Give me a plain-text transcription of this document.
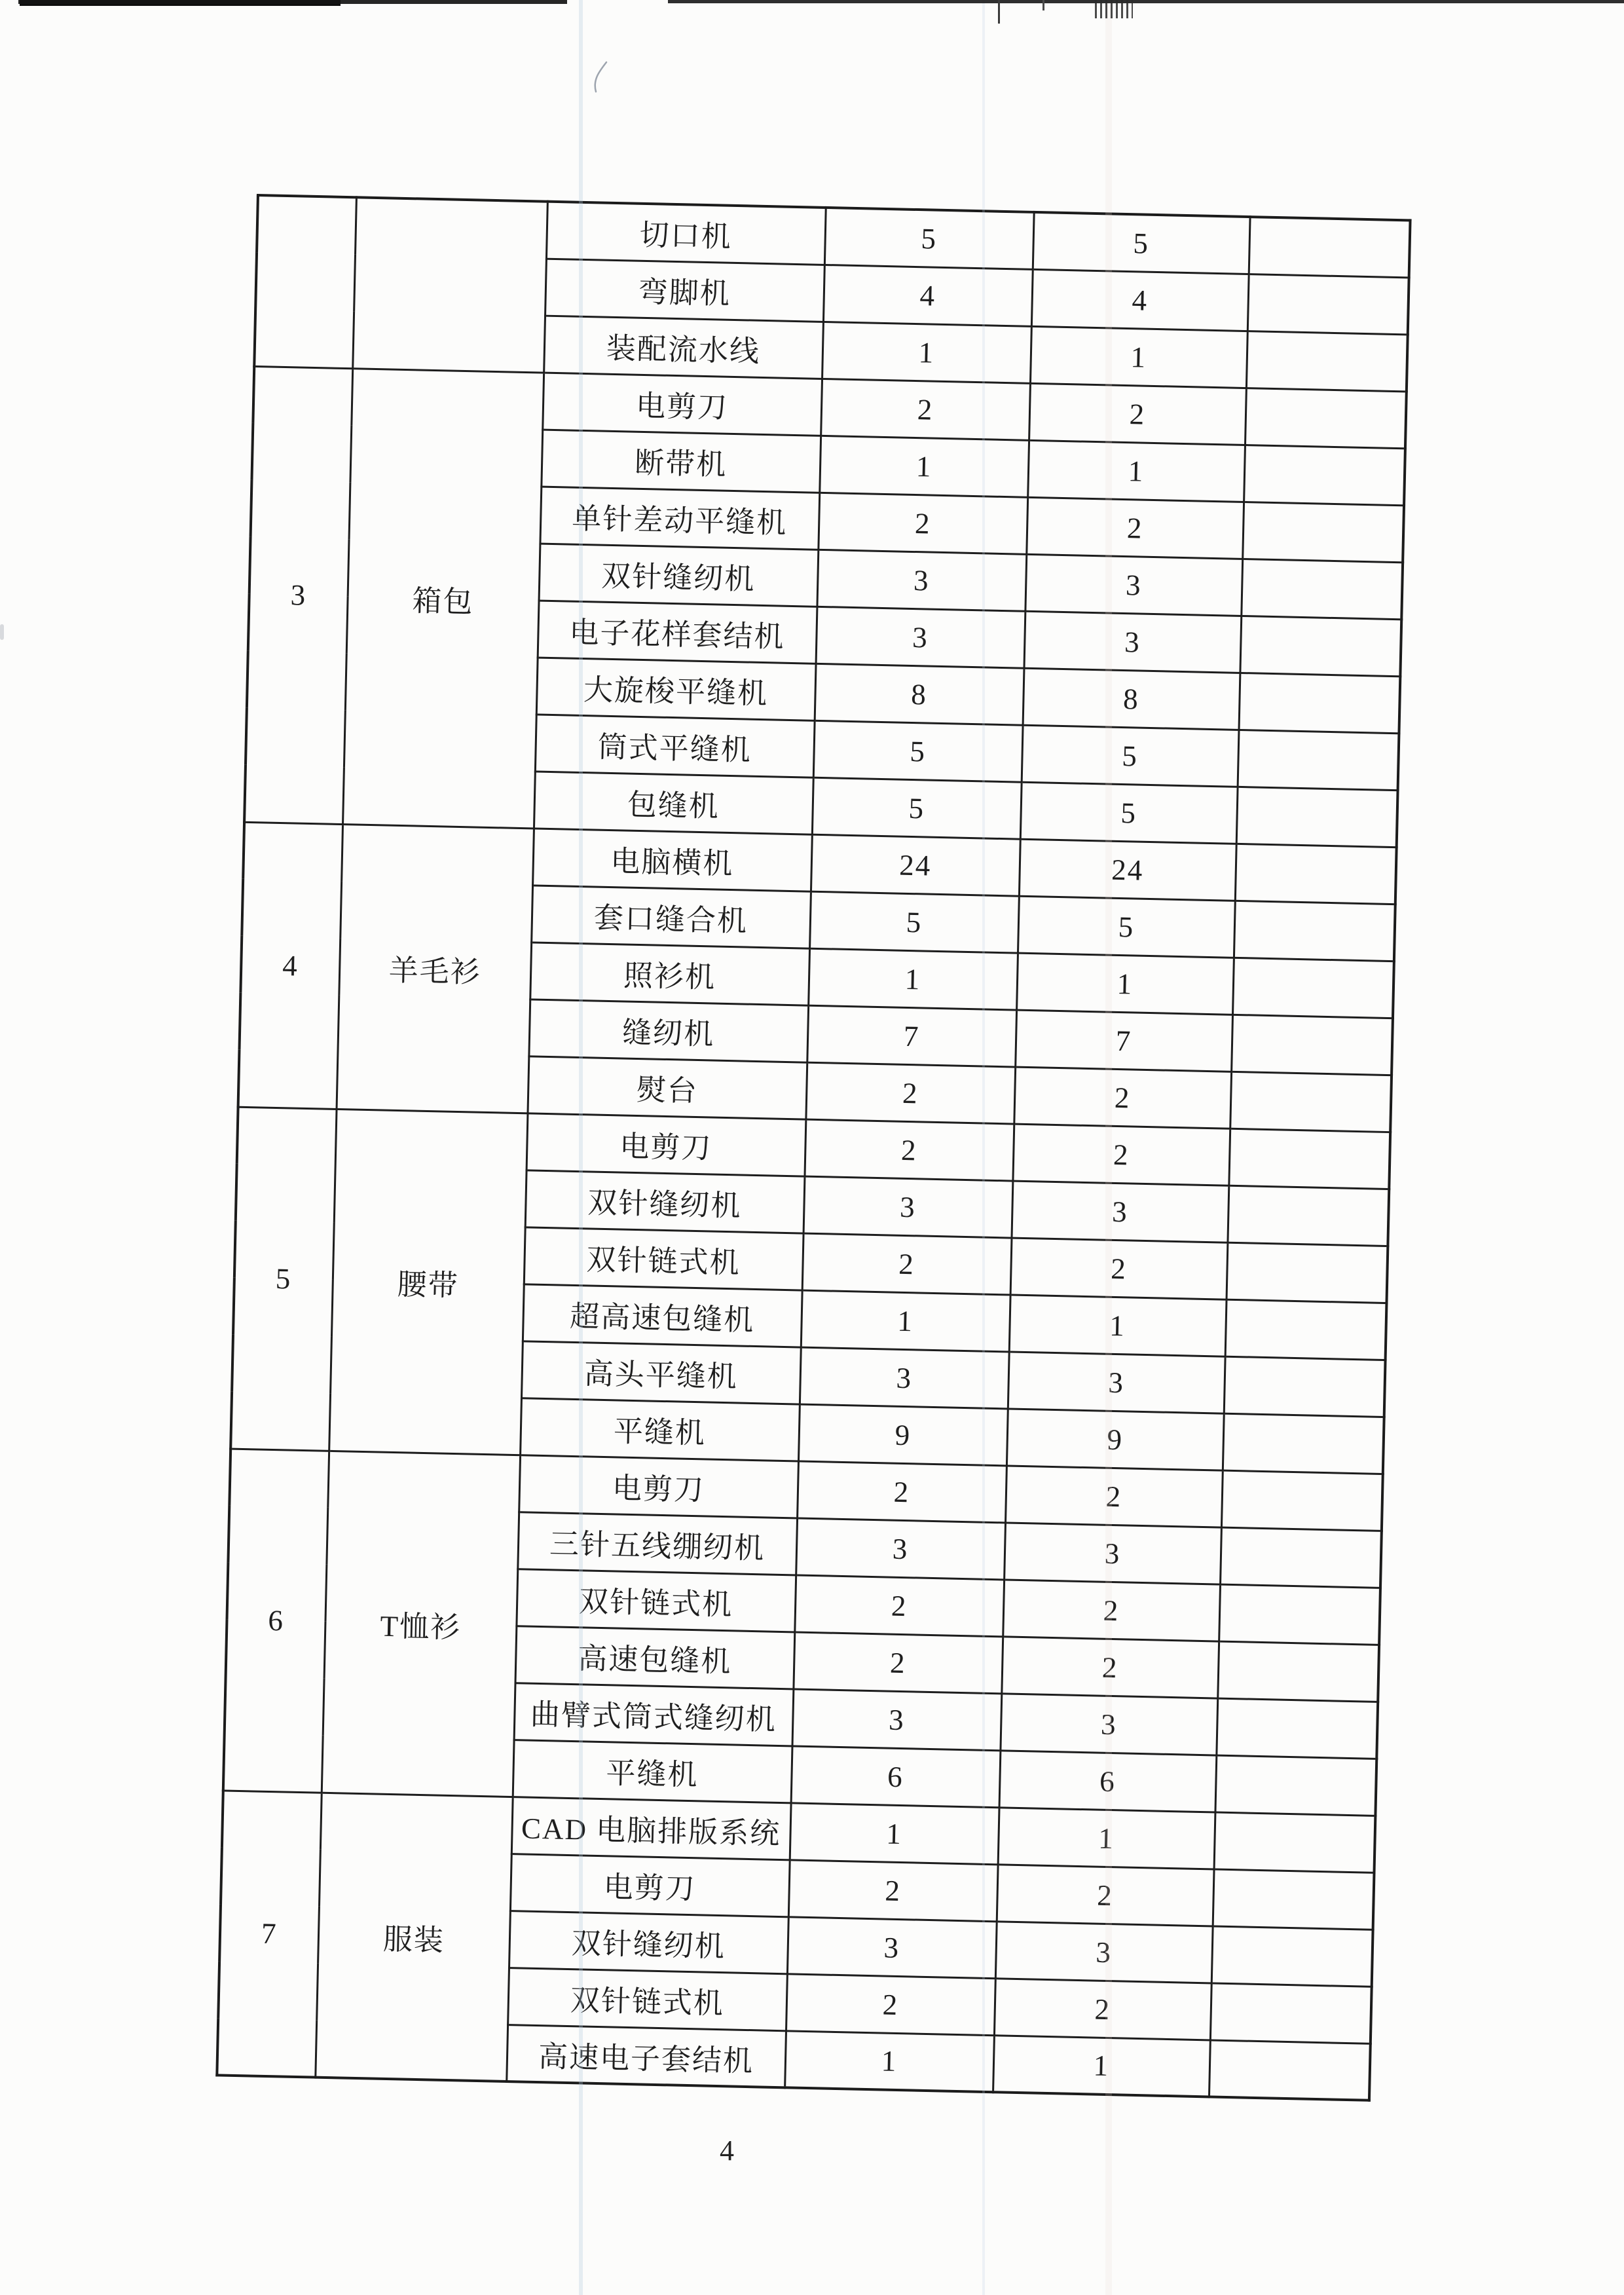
		切口机	5	5	
		弯脚机	4	4	
		装配流水线	1	1	
3	箱包	电剪刀	2	2	
		断带机	1	1	
		单针差动平缝机	2	2	
		双针缝纫机	3	3	
		电子花样套结机	3	3	
		大旋梭平缝机	8	8	
		筒式平缝机	5	5	
		包缝机	5	5	
4	羊毛衫	电脑横机	24	24	
		套口缝合机	5	5	
		照衫机	1	1	
		缝纫机	7	7	
		熨台	2	2	
5	腰带	电剪刀	2	2	
		双针缝纫机	3	3	
		双针链式机	2	2	
		超高速包缝机	1	1	
		高头平缝机	3	3	
		平缝机	9	9	
6	T恤衫	电剪刀	2	2	
		三针五线绷纫机	3	3	
		双针链式机	2	2	
		高速包缝机	2	2	
		曲臂式筒式缝纫机	3	3	
		平缝机	6	6	
7	服装	CAD 电脑排版系统	1	1	
		电剪刀	2	2	
		双针缝纫机	3	3	
		双针链式机	2	2	
		高速电子套结机	1	1	
4
